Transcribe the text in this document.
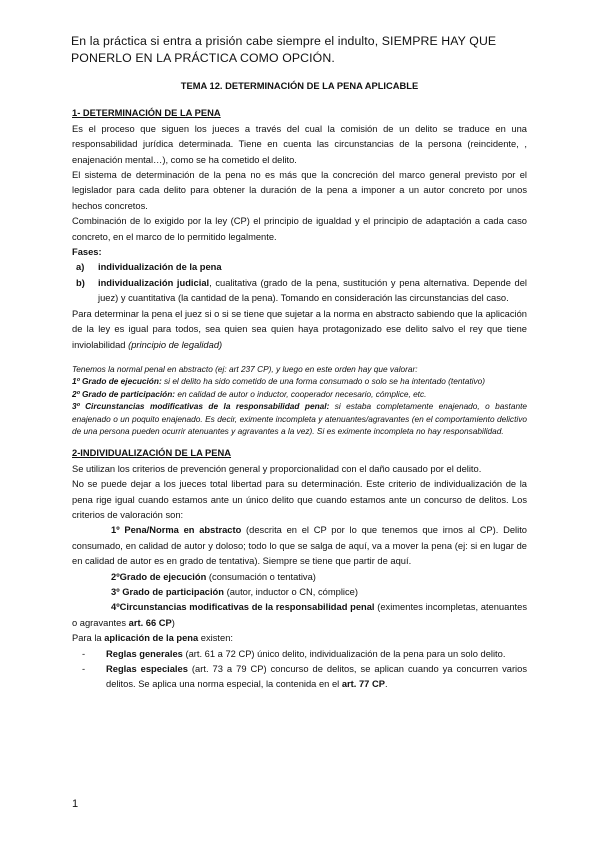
En la práctica si entra a prisión cabe siempre el indulto, SIEMPRE HAY QUE PONERLO EN LA PRÁCTICA COMO OPCIÓN.

TEMA 12. DETERMINACIÓN DE LA PENA APLICABLE

1- DETERMINACIÓN DE LA PENA

Es el proceso que siguen los jueces a través del cual la comisión de un delito se traduce en una responsabilidad jurídica determinada. Tiene en cuenta las circunstancias de la persona (reincidente, , enajenación mental…), como se ha cometido el delito.

El sistema de determinación de la pena no es más que la concreción del marco general previsto por el legislador para cada delito para obtener la duración de la pena a imponer a un autor concreto por unos hechos concretos.

Combinación de lo exigido por la ley (CP) el principio de igualdad y el principio de adaptación a cada caso concreto, en el marco de lo permitido legalmente.

Fases:

a)	individualización de la pena
b)	individualización judicial, cualitativa (grado de la pena, sustitución y pena alternativa. Depende del juez) y cuantitativa (la cantidad de la pena). Tomando en consideración las circunstancias del caso.

Para determinar la pena el juez si o si se tiene que sujetar a la norma en abstracto sabiendo que la aplicación de la ley es igual para todos, sea quien sea quien haya protagonizado ese delito salvo el rey que tiene inviolabilidad (principio de legalidad)

Tenemos la normal penal en abstracto (ej: art 237 CP), y luego en este orden hay que valorar:

1º Grado de ejecución: si el delito ha sido cometido de una forma consumado o solo se ha intentado (tentativo)

2º Grado de participación: en calidad de autor o inductor, cooperador necesario, cómplice, etc.

3º Circunstancias modificativas de la responsabilidad penal: si estaba completamente enajenado, o bastante enajenado o un poquito enajenado. Es decir, eximente incompleta y atenuantes/agravantes (en el comportamiento delictivo de una persona pueden ocurrir atenuantes y agravantes a la vez). Si es eximente incompleta no hay responsabilidad.

2-INDIVIDUALIZACIÓN DE LA PENA

Se utilizan los criterios de prevención general y proporcionalidad con el daño causado por el delito.

No se puede dejar a los jueces total libertad para su determinación. Este criterio de individualización de la pena rige igual cuando estamos ante un único delito que cuando estamos ante un concurso de delitos. Los criterios de valoración son:

1º Pena/Norma en abstracto (descrita en el CP por lo que tenemos que irnos al CP). Delito consumado, en calidad de autor y doloso; todo lo que se salga de aquí, va a mover la pena (ej: si en lugar de en calidad de autor es en grado de tentativa). Siempre se tiene que partir de aquí.

2ºGrado de ejecución (consumación o tentativa)

3º Grado de participación (autor, inductor o CN, cómplice)

4ºCircunstancias modificativas de la responsabilidad penal (eximentes incompletas, atenuantes o agravantes art. 66 CP)

Para la aplicación de la pena existen:

-	Reglas generales (art. 61 a 72 CP) único delito, individualización de la pena para un solo delito.
-	Reglas especiales (art. 73 a 79 CP) concurso de delitos, se aplican cuando ya concurren varios delitos. Se aplica una norma especial, la contenida en el art. 77 CP.
1
